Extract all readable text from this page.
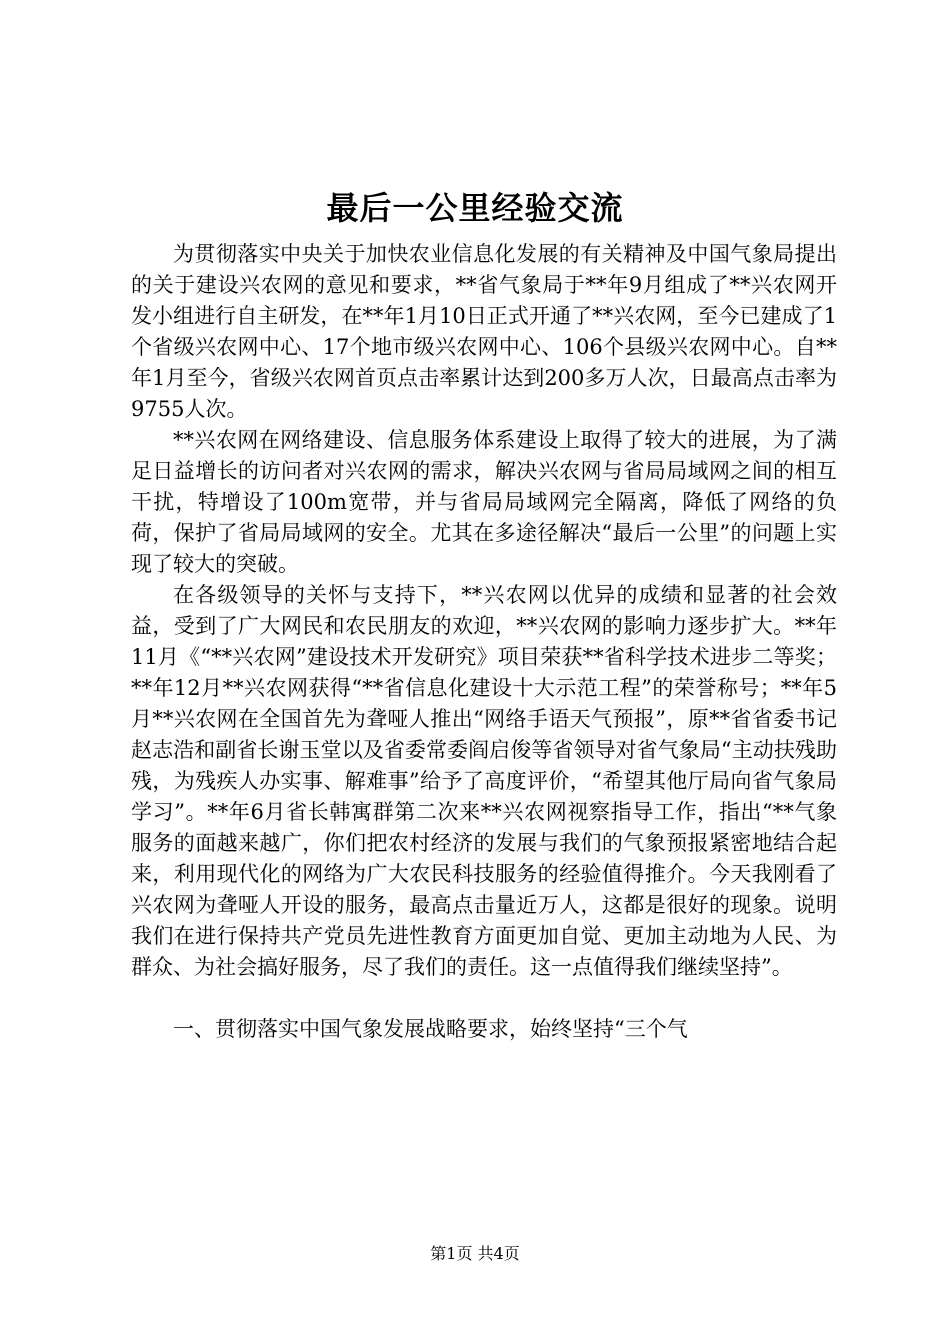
最后一公里经验交流

为贯彻落实中央关于加快农业信息化发展的有关精神及中国气象局提出的关于建设兴农网的意见和要求，**省气象局于**年9月组成了**兴农网开发小组进行自主研发，在**年1月10日正式开通了**兴农网，至今已建成了1个省级兴农网中心、17个地市级兴农网中心、106个县级兴农网中心。自**年1月至今，省级兴农网首页点击率累计达到200多万人次，日最高点击率为9755人次。

**兴农网在网络建设、信息服务体系建设上取得了较大的进展，为了满足日益增长的访问者对兴农网的需求，解决兴农网与省局局域网之间的相互干扰，特增设了100m宽带，并与省局局域网完全隔离，降低了网络的负荷，保护了省局局域网的安全。尤其在多途径解决“最后一公里”的问题上实现了较大的突破。

在各级领导的关怀与支持下，**兴农网以优异的成绩和显著的社会效益，受到了广大网民和农民朋友的欢迎，**兴农网的影响力逐步扩大。**年11月《“**兴农网”建设技术开发研究》项目荣获**省科学技术进步二等奖；**年12月**兴农网获得“**省信息化建设十大示范工程”的荣誉称号；**年5月**兴农网在全国首先为聋哑人推出“网络手语天气预报”，原**省省委书记赵志浩和副省长谢玉堂以及省委常委阎启俊等省领导对省气象局“主动扶残助残，为残疾人办实事、解难事”给予了高度评价，“希望其他厅局向省气象局学习”。**年6月省长韩寓群第二次来**兴农网视察指导工作，指出“**气象服务的面越来越广，你们把农村经济的发展与我们的气象预报紧密地结合起来，利用现代化的网络为广大农民科技服务的经验值得推介。今天我刚看了兴农网为聋哑人开设的服务，最高点击量近万人，这都是很好的现象。说明我们在进行保持共产党员先进性教育方面更加自觉、更加主动地为人民、为群众、为社会搞好服务，尽了我们的责任。这一点值得我们继续坚持”。

一、贯彻落实中国气象发展战略要求，始终坚持“三个气

第1页 共4页
